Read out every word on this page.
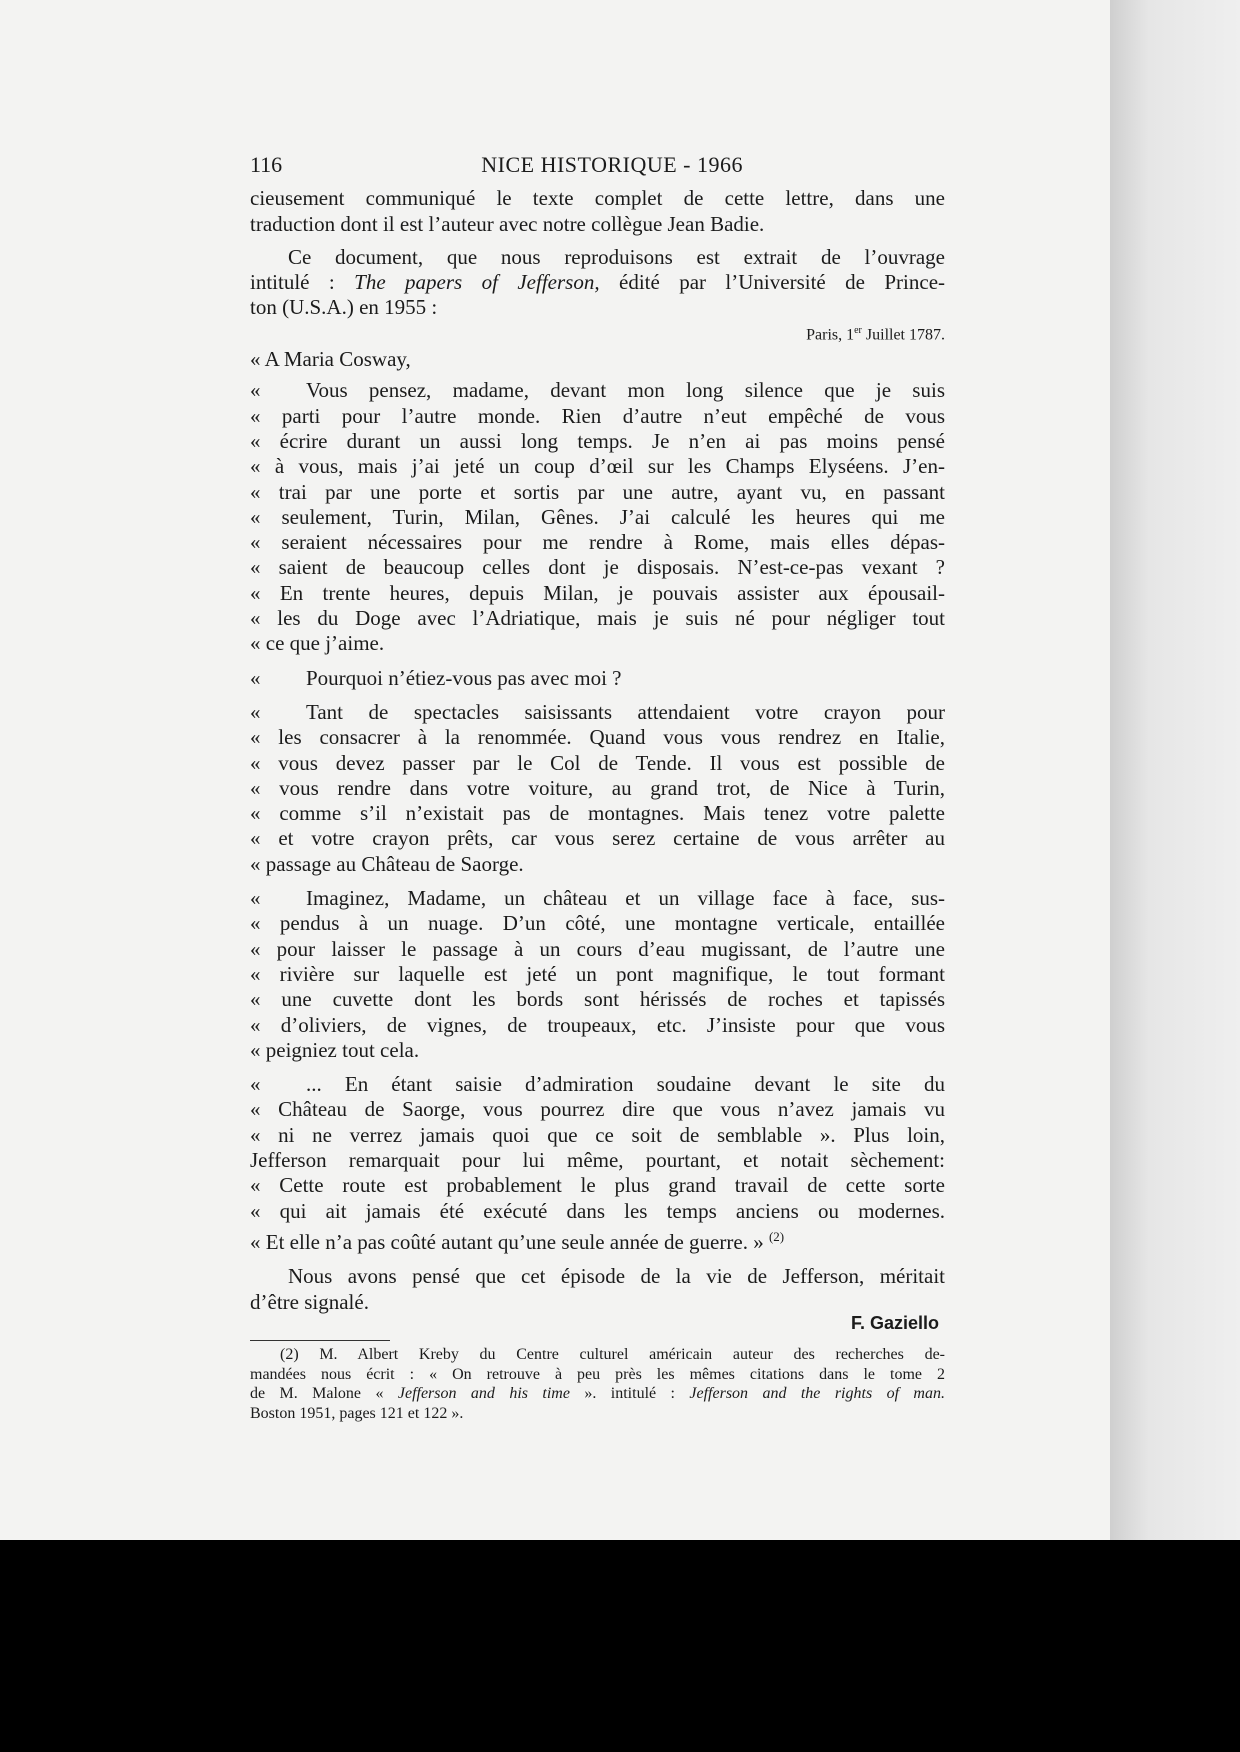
116	NICE HISTORIQUE - 1966
cieusement communiqué le texte complet de cette lettre, dans une
traduction dont il est l’auteur avec notre collègue Jean Badie.
Ce document, que nous reproduisons est extrait de l’ouvrage
intitulé : The papers of Jefferson, édité par l’Université de Prince-
ton (U.S.A.) en 1955 :
Paris, 1er Juillet 1787.

« A Maria Cosway,

« Vous pensez, madame, devant mon long silence que je suis
« parti pour l’autre monde. Rien d’autre n’eut empêché de vous
« écrire durant un aussi long temps. Je n’en ai pas moins pensé
« à vous, mais j’ai jeté un coup d’œil sur les Champs Elyséens. J’en-
« trai par une porte et sortis par une autre, ayant vu, en passant
« seulement, Turin, Milan, Gênes. J’ai calculé les heures qui me
« seraient nécessaires pour me rendre à Rome, mais elles dépas-
« saient de beaucoup celles dont je disposais. N’est-ce-pas vexant ?
« En trente heures, depuis Milan, je pouvais assister aux épousail-
« les du Doge avec l’Adriatique, mais je suis né pour négliger tout
« ce que j’aime.
« Pourquoi n’étiez-vous pas avec moi ?
« Tant de spectacles saisissants attendaient votre crayon pour
« les consacrer à la renommée. Quand vous vous rendrez en Italie,
« vous devez passer par le Col de Tende. Il vous est possible de
« vous rendre dans votre voiture, au grand trot, de Nice à Turin,
« comme s’il n’existait pas de montagnes. Mais tenez votre palette
« et votre crayon prêts, car vous serez certaine de vous arrêter au
« passage au Château de Saorge.
« Imaginez, Madame, un château et un village face à face, sus-
« pendus à un nuage. D’un côté, une montagne verticale, entaillée
« pour laisser le passage à un cours d’eau mugissant, de l’autre une
« rivière sur laquelle est jeté un pont magnifique, le tout formant
« une cuvette dont les bords sont hérissés de roches et tapissés
« d’oliviers, de vignes, de troupeaux, etc. J’insiste pour que vous
« peigniez tout cela.
« ... En étant saisie d’admiration soudaine devant le site du
« Château de Saorge, vous pourrez dire que vous n’avez jamais vu
« ni ne verrez jamais quoi que ce soit de semblable ». Plus loin,
Jefferson remarquait pour lui même, pourtant, et notait sèchement:
« Cette route est probablement le plus grand travail de cette sorte
« qui ait jamais été exécuté dans les temps anciens ou modernes.
« Et elle n’a pas coûté autant qu’une seule année de guerre. » $^{(2)}$
Nous avons pensé que cet épisode de la vie de Jefferson, méritait
d’être signalé.
F. Gaziello
(2) M. Albert Kreby du Centre culturel américain auteur des recherches de-
mandées nous écrit : « On retrouve à peu près les mêmes citations dans le tome 2
de M. Malone « Jefferson and his time ». intitulé : Jefferson and the rights of man.
Boston 1951, pages 121 et 122 ».
